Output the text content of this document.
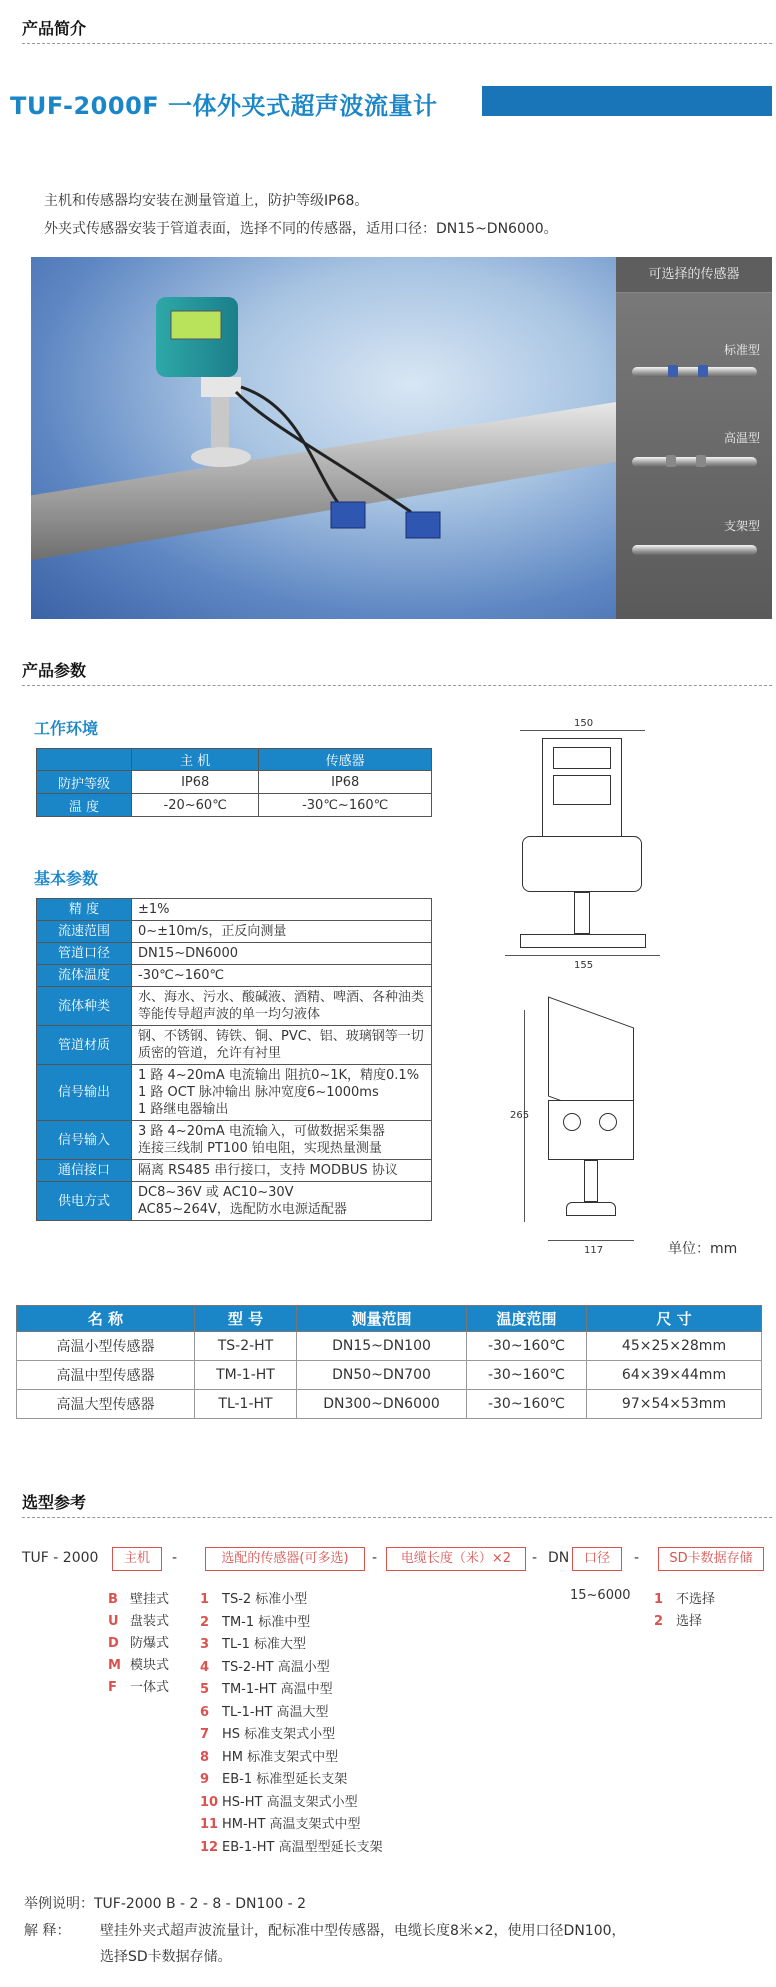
产品简介
TUF-2000F 一体外夹式超声波流量计
主机和传感器均安装在测量管道上，防护等级IP68。
外夹式传感器安装于管道表面，选择不同的传感器，适用口径：DN15~DN6000。
可选择的传感器
标准型
高温型
支架型
产品参数
工作环境
	主 机	传感器
防护等级	IP68	IP68
温 度	-20~60℃	-30℃~160℃
基本参数
精 度	±1%

流速范围	0~±10m/s，正反向测量

管道口径	DN15~DN6000

流体温度	-30℃~160℃

流体种类	水、海水、污水、酸碱液、酒精、啤酒、各种油类等能传导超声波的单一均匀液体

管道材质	钢、不锈钢、铸铁、铜、PVC、铝、玻璃钢等一切质密的管道，允许有衬里

信号输出	1 路 4~20mA 电流输出 阻抗0~1K，精度0.1%
1 路 OCT 脉冲输出 脉冲宽度6~1000ms
1 路继电器输出

信号输入	3 路 4~20mA 电流输入，可做数据采集器
连接三线制 PT100 铂电阻，实现热量测量

通信接口	隔离 RS485 串行接口，支持 MODBUS 协议

供电方式	DC8~36V 或 AC10~30V
AC85~264V，选配防水电源适配器
150
155
265
117	单位：mm
名 称	型 号	测量范围	温度范围	尺 寸
高温小型传感器	TS-2-HT	DN15~DN100	-30~160℃	45×25×28mm
高温中型传感器	TM-1-HT	DN50~DN700	-30~160℃	64×39×44mm
高温大型传感器	TL-1-HT	DN300~DN6000	-30~160℃	97×54×53mm
选型参考
TUF - 2000	主机	-	选配的传感器(可多选)	-	电缆长度（米）×2	- DN	口径	-	SD卡数据存储
B 壁挂式
U 盘装式
D 防爆式
M 模块式
F 一体式
1 TS-2 标准小型
2 TM-1 标准中型
3 TL-1 标准大型
4 TS-2-HT 高温小型
5 TM-1-HT 高温中型
6 TL-1-HT 高温大型
7 HS 标准支架式小型
8 HM 标准支架式中型
9 EB-1 标准型延长支架
10 HS-HT 高温支架式小型
11 HM-HT 高温支架式中型
12 EB-1-HT 高温型型延长支架
15~6000 1 不选择
2 选择
举例说明：TUF-2000 B - 2 - 8 - DN100 - 2
解 释： 壁挂外夹式超声波流量计，配标准中型传感器，电缆长度8米×2，使用口径DN100，
选择SD卡数据存储。
